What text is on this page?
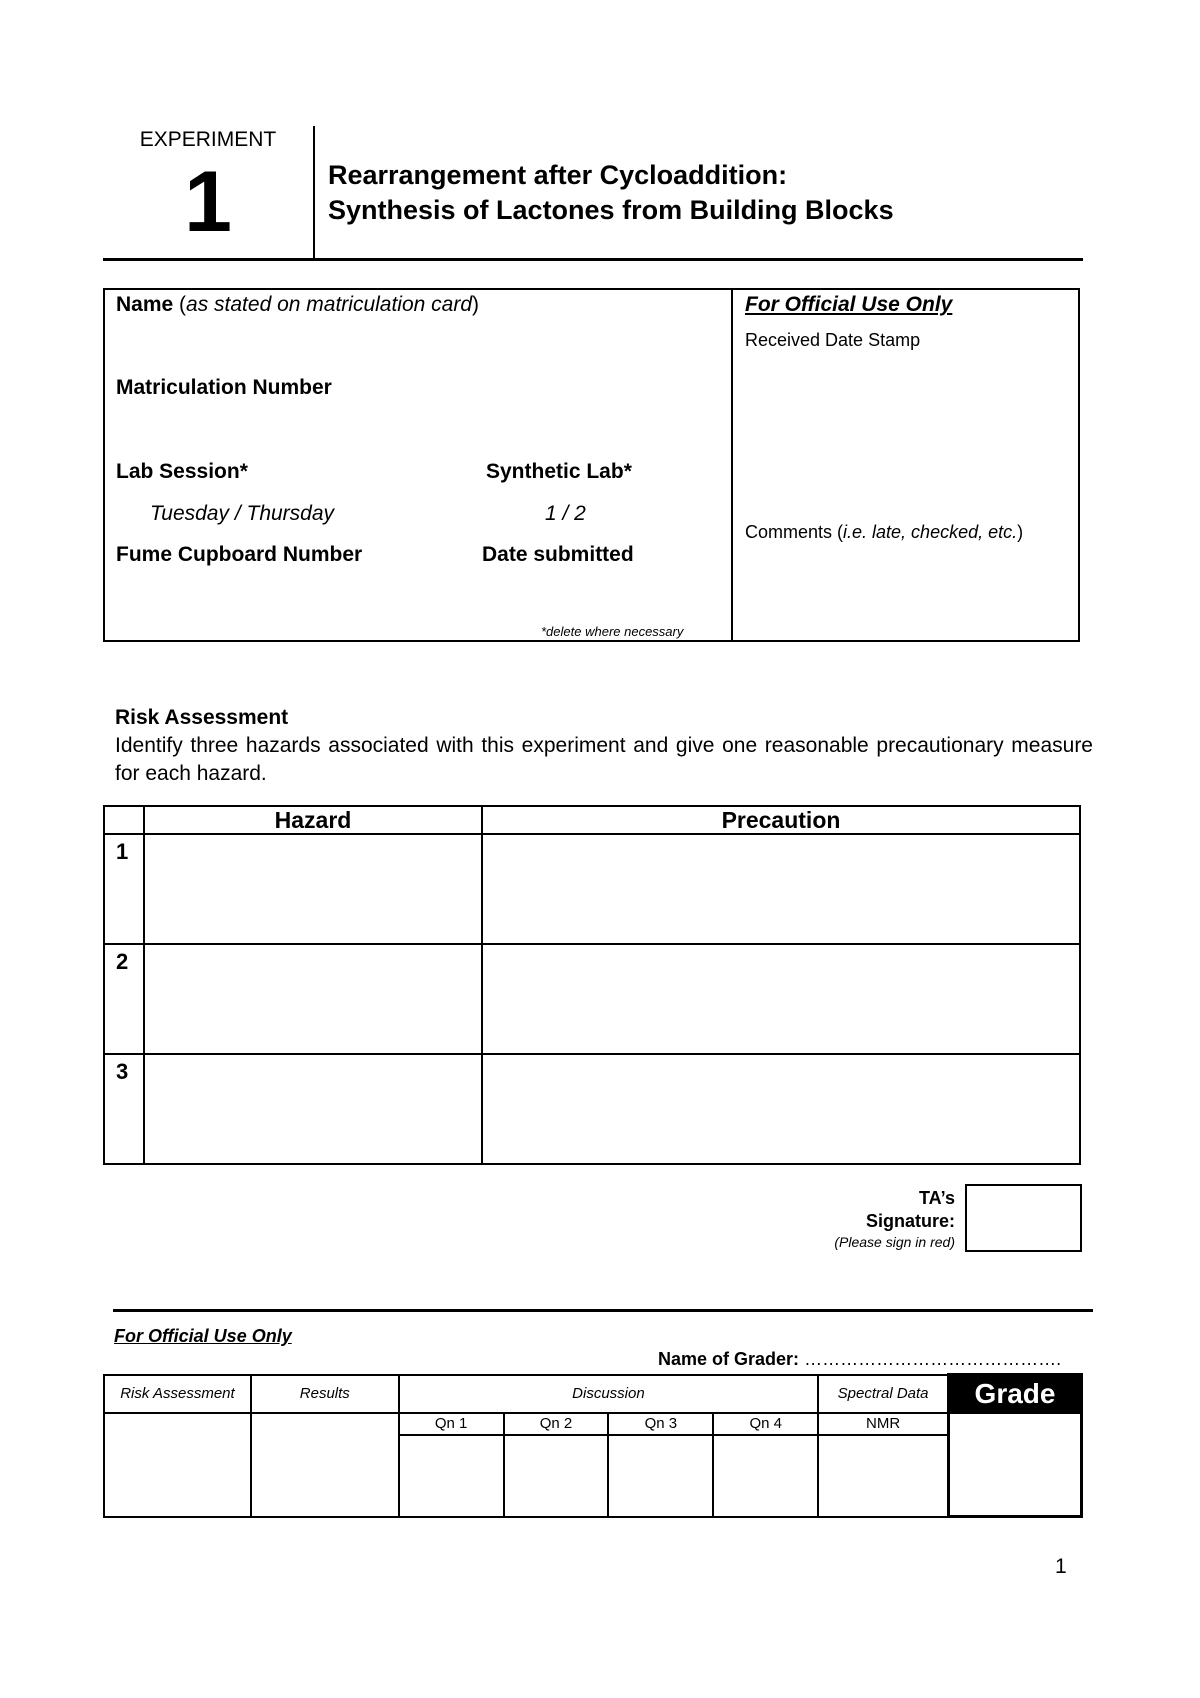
EXPERIMENT
1	Rearrangement after Cycloaddition:
Synthesis of Lactones from Building Blocks
Name (as stated on matriculation card)
Matriculation Number
Lab Session*
Tuesday / Thursday
Synthetic Lab*
1 / 2
Fume Cupboard Number	Date submitted
*delete where necessary
For Official Use Only
Received Date Stamp
Comments (i.e. late, checked, etc.)
Risk Assessment
Identify three hazards associated with this experiment and give one reasonable precautionary measure for each hazard.
	Hazard	Precaution
1		
2		
3		
TA’s
Signature:
(Please sign in red)
For Official Use Only
Name of Grader: …………………………………….
Risk Assessment	Results	Discussion				Spectral Data	Grade
		Qn 1	Qn 2	Qn 3	Qn 4	NMR	

1
